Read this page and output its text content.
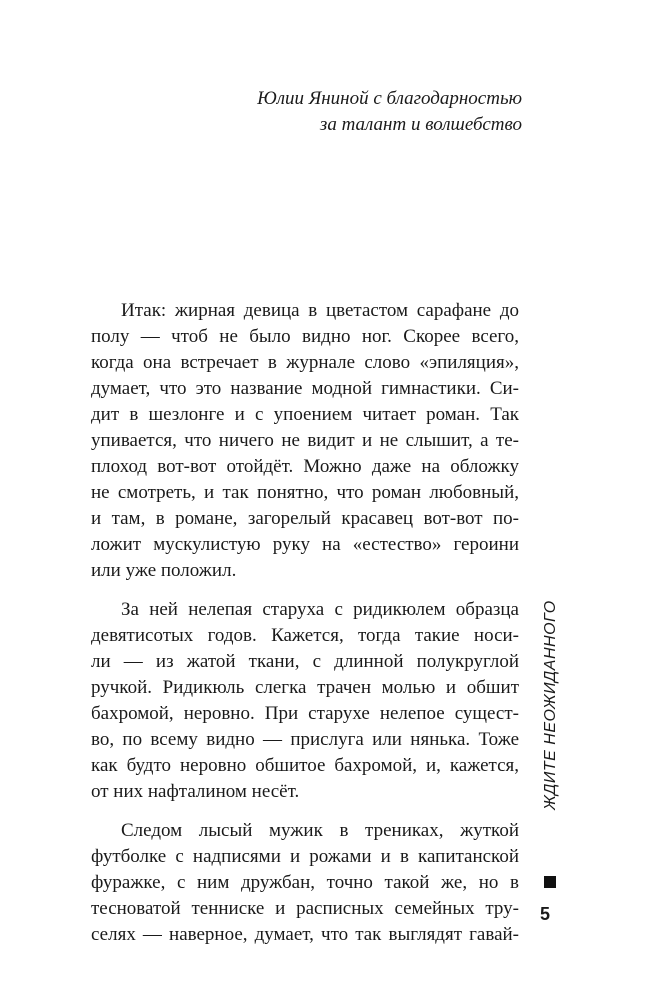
Юлии Яниной с благодарностью
за талант и волшебство
Итак: жирная девица в цветастом сарафане до
полу — чтоб не было видно ног. Скорее всего,
когда она встречает в журнале слово «эпиляция»,
думает, что это название модной гимнастики. Си-
дит в шезлонге и с упоением читает роман. Так
упивается, что ничего не видит и не слышит, а те-
плоход вот-вот отойдёт. Можно даже на обложку
не смотреть, и так понятно, что роман любовный,
и там, в романе, загорелый красавец вот-вот по-
ложит мускулистую руку на «естество» героини
или уже положил.
За ней нелепая старуха с ридикюлем образца
девятисотых годов. Кажется, тогда такие носи-
ли — из жатой ткани, с длинной полукруглой
ручкой. Ридикюль слегка трачен молью и обшит
бахромой, неровно. При старухе нелепое сущест-
во, по всему видно — прислуга или нянька. Тоже
как будто неровно обшитое бахромой, и, кажется,
от них нафталином несёт.
Следом лысый мужик в трениках, жуткой
футболке с надписями и рожами и в капитанской
фуражке, с ним дружбан, точно такой же, но в
тесноватой тенниске и расписных семейных тру-
селях — наверное, думает, что так выглядят гавай-
ЖДИТЕ НЕОЖИДАННОГО
5
